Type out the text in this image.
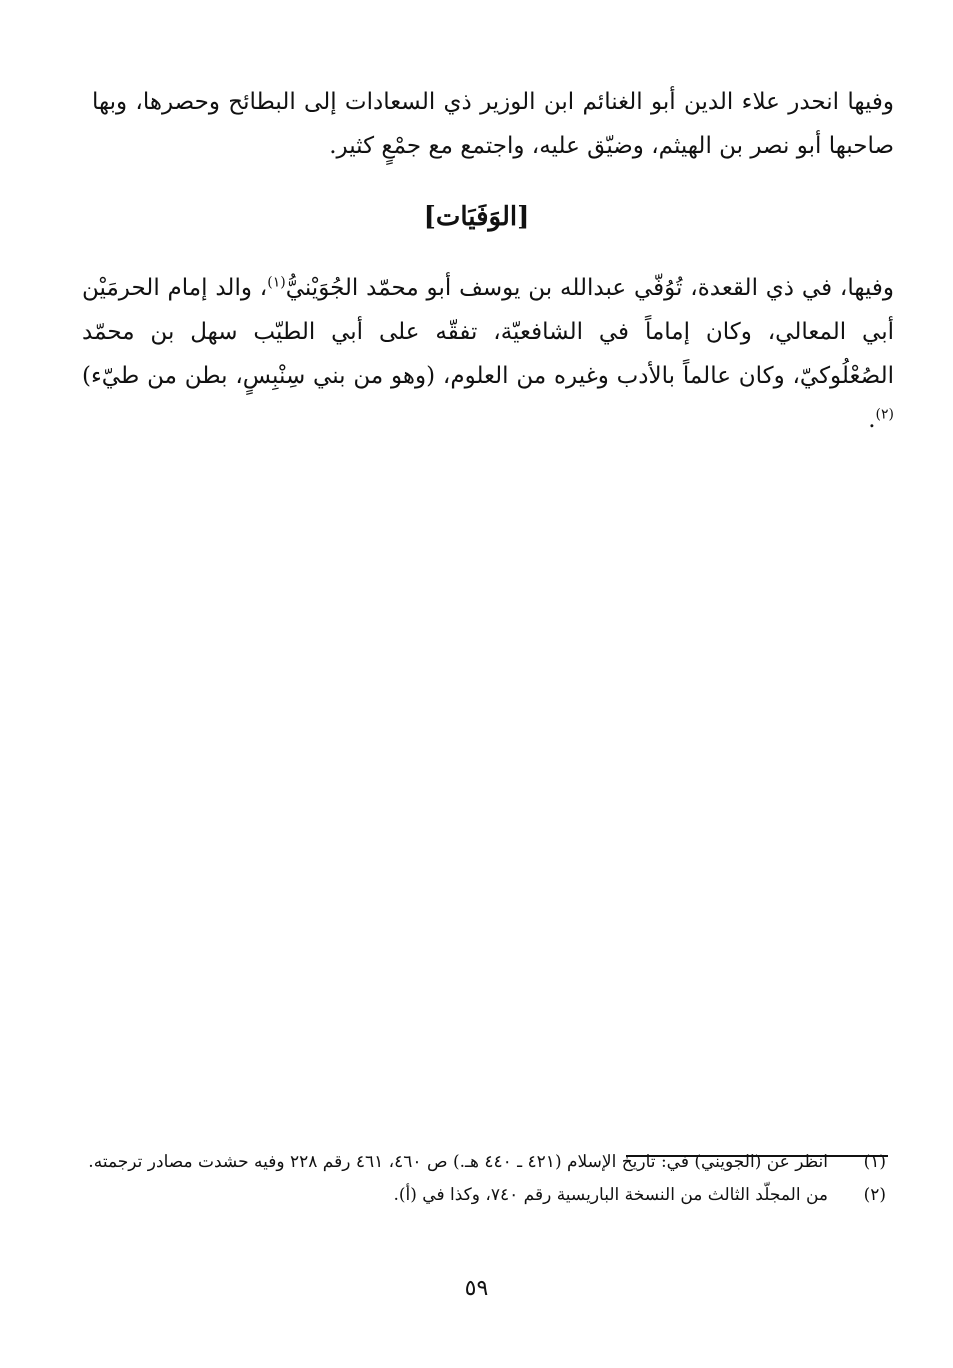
وفيها انحدر علاء الدين أبو الغنائم ابن الوزير ذي السعادات إلى البطائح وحصرها، وبها صاحبها أبو نصر بن الهيثم، وضيّق عليه، واجتمع مع جمْعٍ كثير.

[الوَفَيَات]

وفيها، في ذي القعدة، تُوُفّي عبدالله بن يوسف أبو محمّد الجُوَيْنيُّ$^{(١)}$، والد إمام الحرمَيْن أبي المعالي، وكان إماماً في الشافعيّة، تفقّه على أبي الطيّب سهل بن محمّد الصُعْلُوكيّ، وكان عالماً بالأدب وغيره من العلوم، (وهو من بني سِنْبِسٍ، بطن من طيّء)$^{(٢)}$.

(١)
انظر عن (الجويني) في: تاريخ الإسلام (٤٢١ ـ ٤٤٠ هـ.) ص ٤٦٠، ٤٦١ رقم ٢٢٨ وفيه حشدت مصادر ترجمته.
(٢)
من المجلّد الثالث من النسخة الباريسية رقم ٧٤٠، وكذا في (أ).
٥٩
